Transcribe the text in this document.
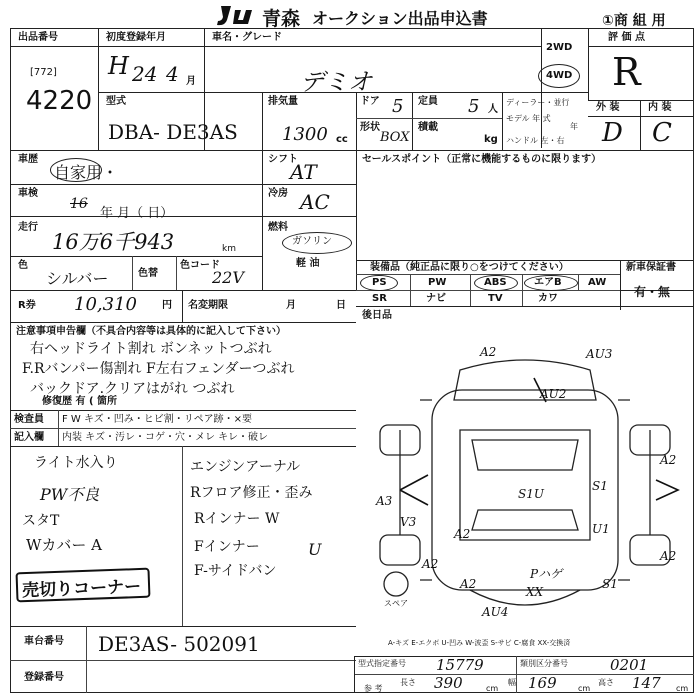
青森 オークション出品申込書	①商 組 用
出品番号
[772]
4220
初度登録年月
H 24 4 月
車名・グレード
デミオ
2WD
4WD
評 価 点
R
外 装	内 装
D C
型式
DBA- DE3AS
排気量
1300 cc
ドア 5 定員 5 人
形状
BOX
積載
kg
ディーラー・並行
モデル 年 式
年
ハンドル 左・右
車歴
自家用・
シフト
AT
車検
年 月（ 日）
16
冷房 AC
走行
16万6千943	km
燃料
ガソリン
軽 油
色
シルバー	色替
色コード
22V
セールスポイント（正常に機能するものに限ります）
装備品（純正品に限り○をつけてください）
PS	PW	ABS	エアB	AW
SR	ナビ	TV	カワ
新車保証書
有・無
R券 10,310	円 名変期限	月	日
後日品
注意事項申告欄（不具合内容等は具体的に記入して下さい）
右ヘッドライト割れ ボンネットつぶれ
F.Rバンパー傷割れ F左右フェンダーつぶれ
バックドア.クリアはがれ つぶれ
修復歴 有 ( 箇所
検査員
記入欄
F W キズ・凹み・ヒビ割・リペア跡・×要
内装 キズ・汚レ・コゲ・穴・メレ キレ・破レ
ライト水入り
PW不良
スタT
Wカバー A
エンジンアーナル
Rフロア修正・歪み
Rインナー W
Fインナー
F-サイドバン
U
売切りコーナー
A2	AU3
AU2
S1U
A3
V3
A2	U1
S1
A2
A2
A2
AU4
S1
Pハゲ
XX
A2
スペア
A-キズ E-エクボ U-凹み W-波歪 S-サビ C-腐食 XX-交換済
車台番号 DE3AS- 502091
登録番号
型式指定番号 15779	類別区分番号	0201
参 考
長さ 390	cm
幅 169	cm
高さ 147 cm
